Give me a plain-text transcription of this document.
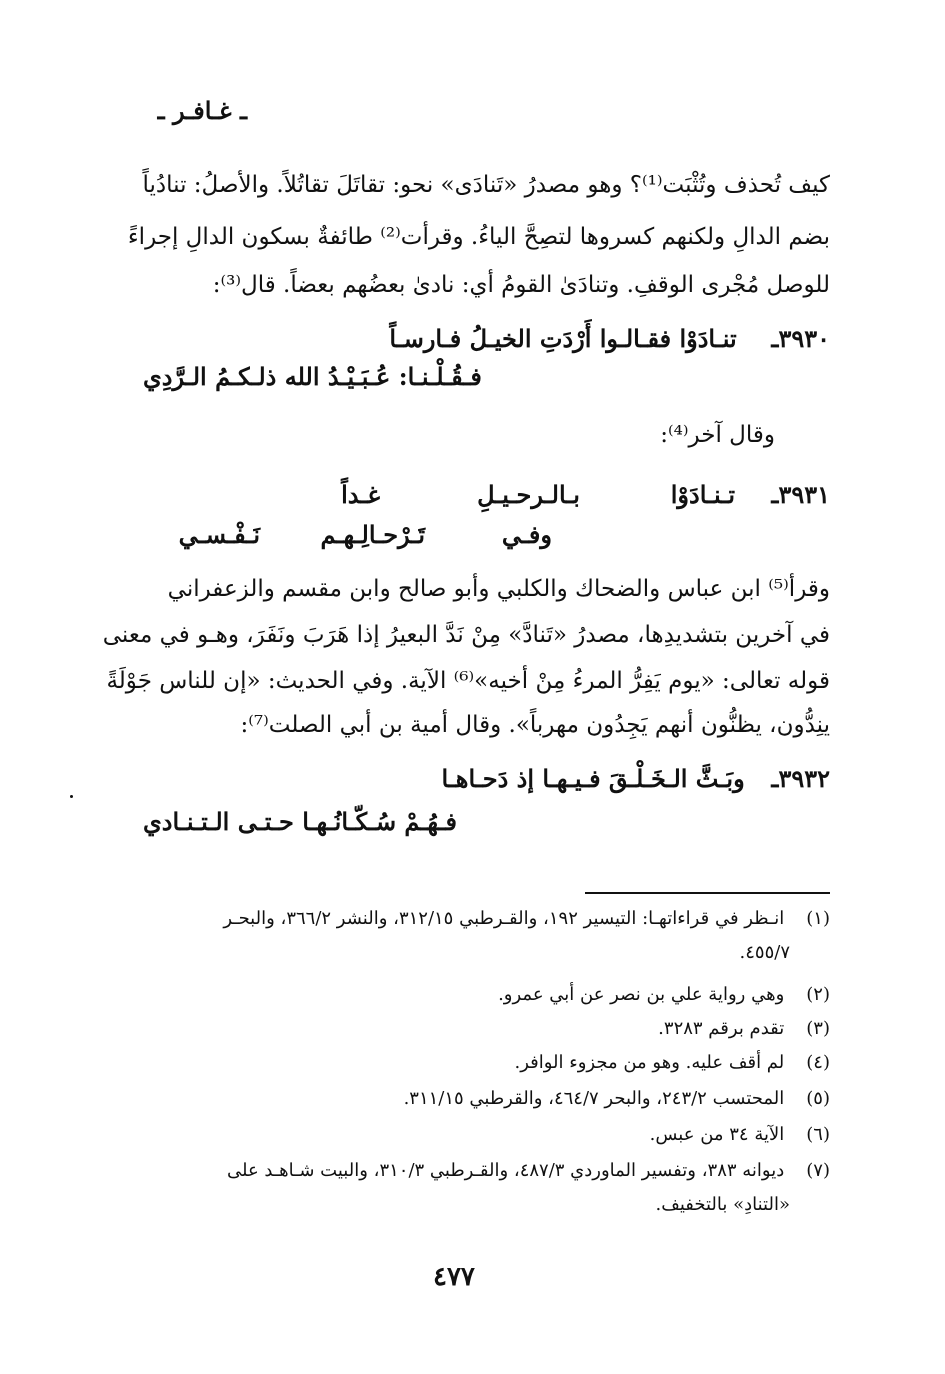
ـ غـافـر ـ
كيف تُحذف وتُثْبَت⁽¹⁾؟ وهو مصدرُ «تَنادَى» نحو: تقاتَلَ تقاتُلاً. والأصلُ: تنادُياً
بضم الدالِ ولكنهم كسروها لتصِحَّ الياءُ. وقرأت⁽²⁾ طائفةٌ بسكون الدالِ إجراءً
للوصل مُجْرى الوقفِ. وتنادَىٰ القومُ أي: نادىٰ بعضُهم بعضاً. قال⁽³⁾:
٣٩٣٠ـ  تنـادَوْا فقـالـوا أَرْدَتِ الخيـلُ فـارسـاً
فـقُـلْـنـا: عُـبَـيْـدُ الله ذلـكـمُ الـرَّدِي
وقال آخر⁽⁴⁾:
٣٩٣١ـ
تـنـادَوْا
بـالـرحـيـلِ
غـداً
وفـي
تَـرْحـالِـهـم
نَـفْـسـي
وقرأ⁽⁵⁾ ابن عباس والضحاك والكلبي وأبو صالح وابن مقسم والزعفراني
في آخرين بتشديدِها، مصدرُ «تَنادَّ» مِنْ نَدَّ البعيرُ إذا هَرَبَ ونَفَرَ، وهـو في معنى
قوله تعالى: «يوم يَفِرُّ المرءُ مِنْ أخيه»⁽⁶⁾ الآية. وفي الحديث: «إن للناس جَوْلَةً
ينِدُّون، يظنُّون أنهم يَجِدُون مهرباً». وقال أمية بن أبي الصلت⁽⁷⁾:
٣٩٣٢ـ  وبَـثَّ الـخَـلْـقَ فـيـهـا إذ دَحـاهـا
فـهُـمْ سُـكّـانُـهـا حـتـى الـتـنـادي
(١) انـظر في قراءاتهـا: التيسير ١٩٢، والقـرطبي ٣١٢/١٥، والنشر ٣٦٦/٢، والبحـر
٤٥٥/٧.
(٢) وهي رواية علي بن نصر عن أبي عمرو.
(٣) تقدم برقم ٣٢٨٣.
(٤) لم أقف عليه. وهو من مجزوء الوافر.
(٥) المحتسب ٢٤٣/٢، والبحر ٤٦٤/٧، والقرطبي ٣١١/١٥.
(٦) الآية ٣٤ من عبس.
(٧) ديوانه ٣٨٣، وتفسير الماوردي ٤٨٧/٣، والقـرطبي ٣١٠/٣، والبيت شـاهـد على
«التنادِ» بالتخفيف.
٤٧٧
